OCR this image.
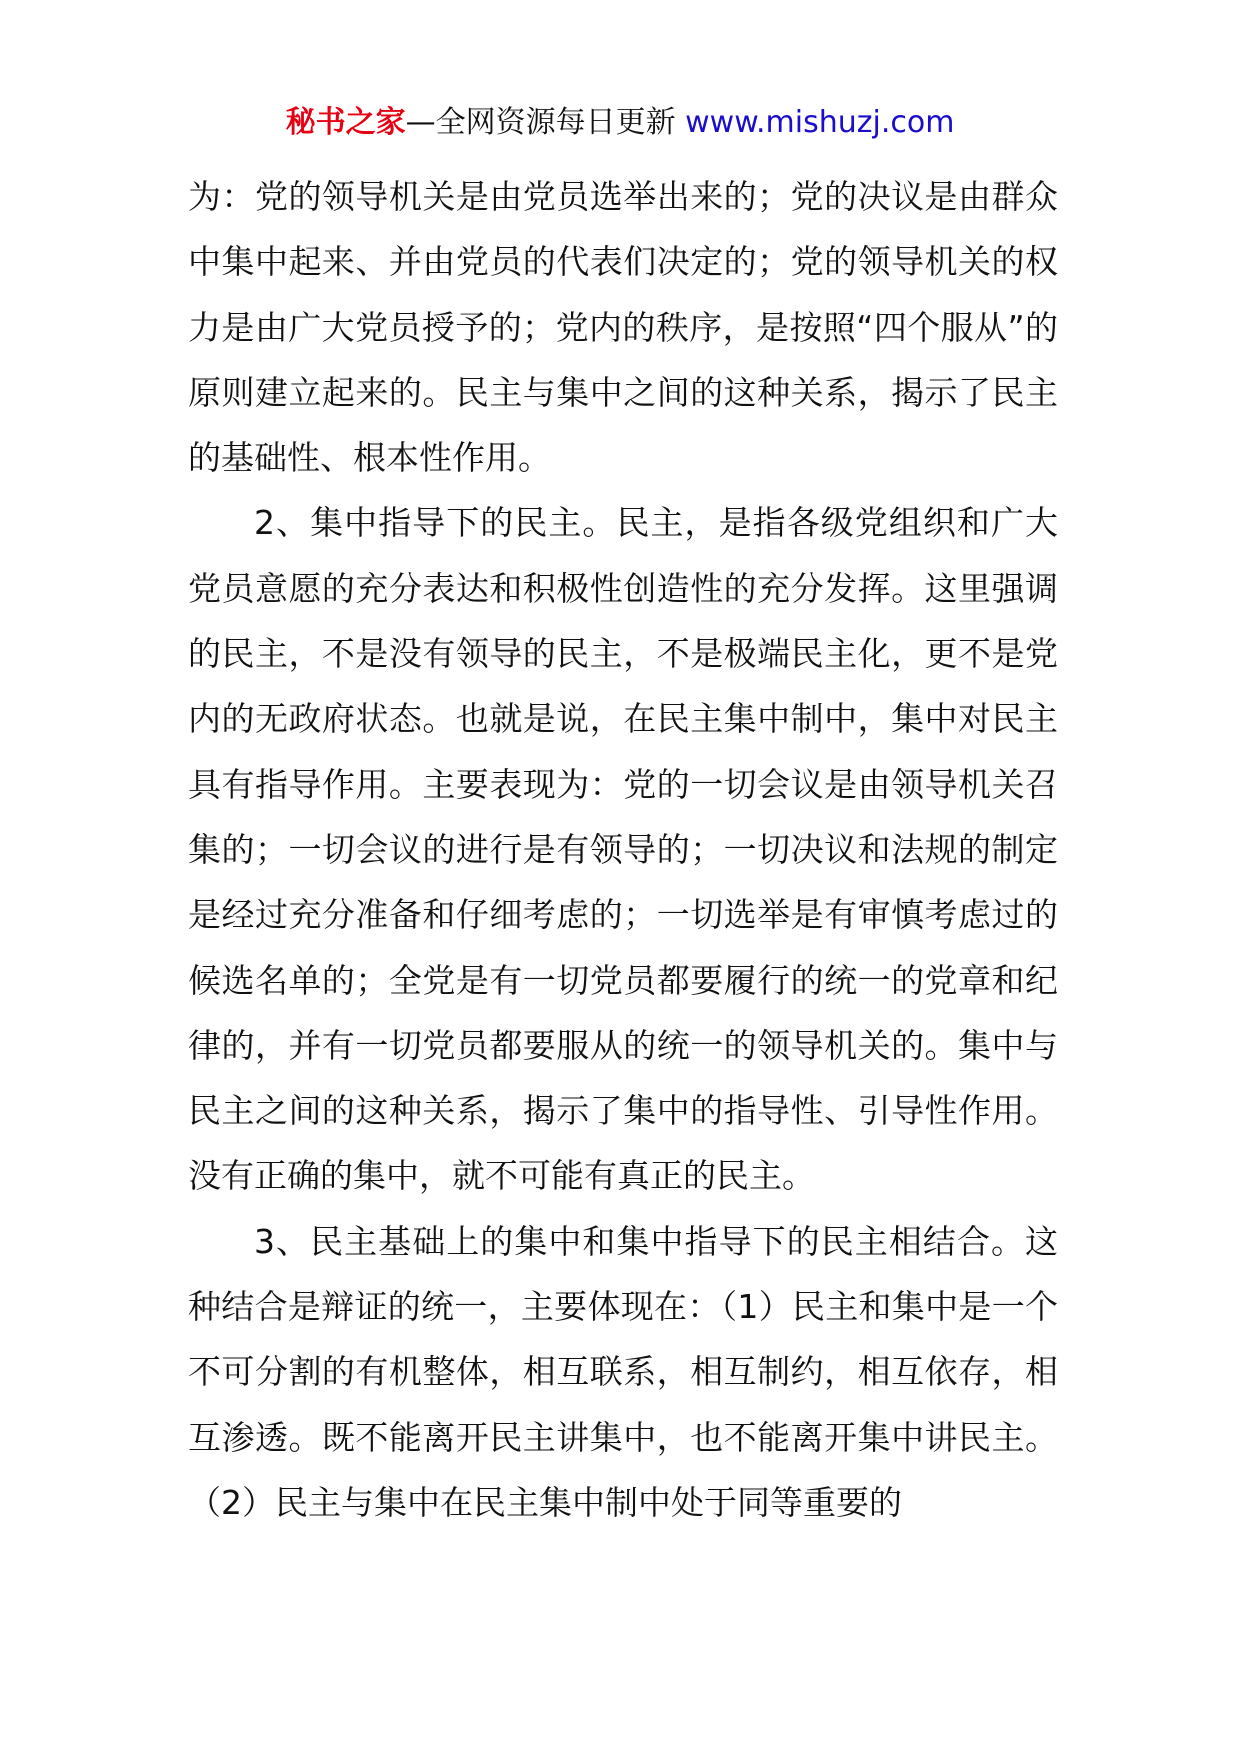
秘书之家—全网资源每日更新 www.mishuzj.com

为：党的领导机关是由党员选举出来的；党的决议是由群众中集中起来、并由党员的代表们决定的；党的领导机关的权力是由广大党员授予的；党内的秩序，是按照“四个服从”的原则建立起来的。民主与集中之间的这种关系，揭示了民主的基础性、根本性作用。

2、集中指导下的民主。民主，是指各级党组织和广大党员意愿的充分表达和积极性创造性的充分发挥。这里强调的民主，不是没有领导的民主，不是极端民主化，更不是党内的无政府状态。也就是说，在民主集中制中，集中对民主具有指导作用。主要表现为：党的一切会议是由领导机关召集的；一切会议的进行是有领导的；一切决议和法规的制定是经过充分准备和仔细考虑的；一切选举是有审慎考虑过的候选名单的；全党是有一切党员都要履行的统一的党章和纪律的，并有一切党员都要服从的统一的领导机关的。集中与民主之间的这种关系，揭示了集中的指导性、引导性作用。没有正确的集中，就不可能有真正的民主。

3、民主基础上的集中和集中指导下的民主相结合。这种结合是辩证的统一，主要体现在：（1）民主和集中是一个不可分割的有机整体，相互联系，相互制约，相互依存，相互渗透。既不能离开民主讲集中，也不能离开集中讲民主。（2）民主与集中在民主集中制中处于同等重要的
